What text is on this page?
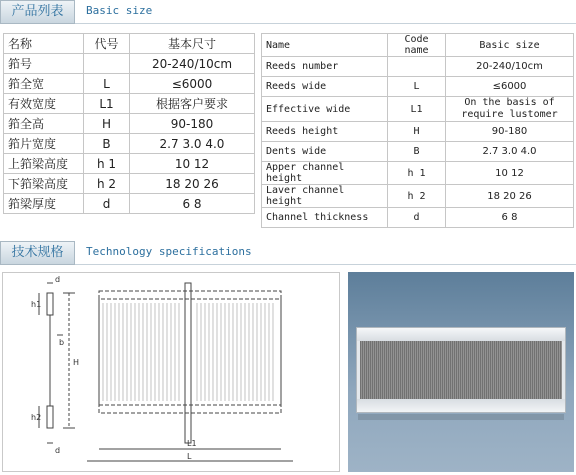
产品列表	Basic size
名称	代号	基本尺寸
筘号		20-240/10cm
筘全宽	L	≤6000
有效宽度	L1	根据客户要求
筘全高	H	90-180
筘片宽度	B	2.7 3.0 4.0
上筘梁高度	h 1	10 12
下筘梁高度	h 2	18 20 26
筘梁厚度	d	6 8
Name	Code name	Basic size
Reeds number		20-240/10cm
Reeds wide	L	≤6000
Effective wide	L1	On the basis of require lustomer
Reeds height	H	90-180
Dents wide	B	2.7 3.0 4.0
Apper channel height	h 1	10 12
Laver channel height	h 2	18 20 26
Channel thickness	d	6 8
技术规格	Technology specifications
d
h1
b
H
h2
d
L1
L
